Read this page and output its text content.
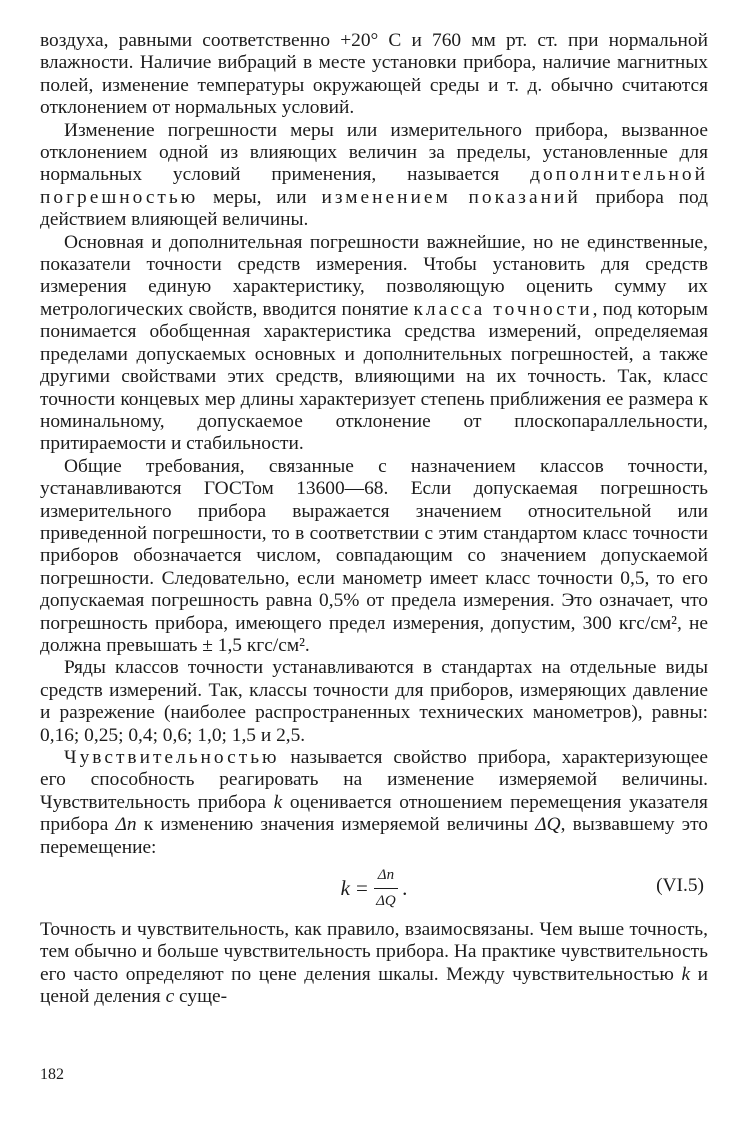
воздуха, равными соответственно +20° С и 760 мм рт. ст. при нормальной влажности. Наличие вибраций в месте установки прибора, наличие магнитных полей, изменение температуры окружающей среды и т. д. обычно считаются отклонением от нормальных условий.

Изменение погрешности меры или измерительного прибора, вызванное отклонением одной из влияющих величин за пределы, установленные для нормальных условий применения, называется дополнительной погрешностью меры, или изменением показаний прибора под действием влияющей величины.

Основная и дополнительная погрешности важнейшие, но не единственные, показатели точности средств измерения. Чтобы установить для средств измерения единую характеристику, позволяющую оценить сумму их метрологических свойств, вводится понятие класса точности, под которым понимается обобщенная характеристика средства измерений, определяемая пределами допускаемых основных и дополнительных погрешностей, а также другими свойствами этих средств, влияющими на их точность. Так, класс точности концевых мер длины характеризует степень приближения ее размера к номинальному, допускаемое отклонение от плоскопараллельности, притираемости и стабильности.

Общие требования, связанные с назначением классов точности, устанавливаются ГОСТом 13600—68. Если допускаемая погрешность измерительного прибора выражается значением относительной или приведенной погрешности, то в соответствии с этим стандартом класс точности приборов обозначается числом, совпадающим со значением допускаемой погрешности. Следовательно, если манометр имеет класс точности 0,5, то его допускаемая погрешность равна 0,5% от предела измерения. Это означает, что погрешность прибора, имеющего предел измерения, допустим, 300 кгс/см², не должна превышать ± 1,5 кгс/см².

Ряды классов точности устанавливаются в стандартах на отдельные виды средств измерений. Так, классы точности для приборов, измеряющих давление и разрежение (наиболее распространенных технических манометров), равны: 0,16; 0,25; 0,4; 0,6; 1,0; 1,5 и 2,5.

Чувствительностью называется свойство прибора, характеризующее его способность реагировать на изменение измеряемой величины. Чувствительность прибора k оценивается отношением перемещения указателя прибора Δn к изменению значения измеряемой величины ΔQ, вызвавшему это перемещение:

$k = \frac{\Delta n}{\Delta Q}$ .	(VI.5)

Точность и чувствительность, как правило, взаимосвязаны. Чем выше точность, тем обычно и больше чувствительность прибора. На практике чувствительность его часто определяют по цене деления шкалы. Между чувствительностью k и ценой деления c суще-

182
